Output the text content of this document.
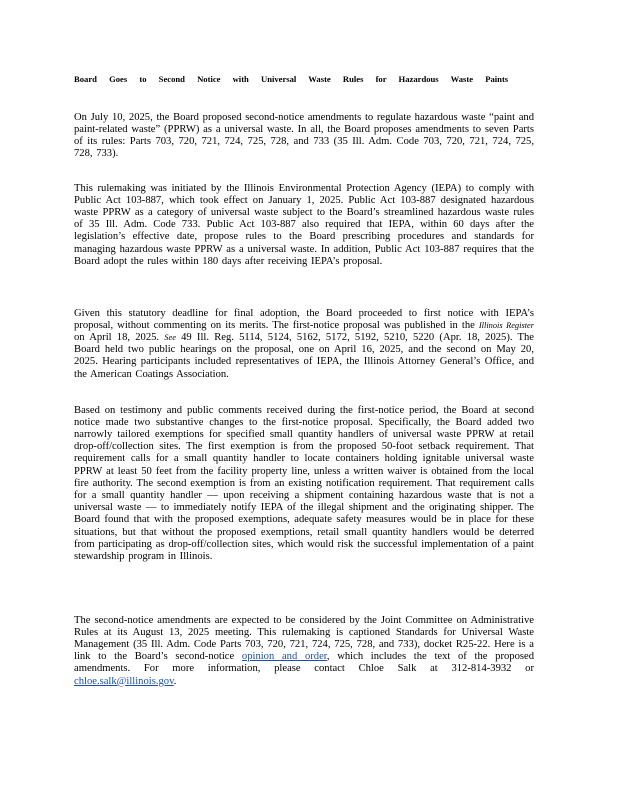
Board Goes to Second Notice with Universal Waste Rules for Hazardous Waste Paints

On July 10, 2025, the Board proposed second-notice amendments to regulate hazardous waste “paint and paint-related waste” (PPRW) as a universal waste. In all, the Board proposes amendments to seven Parts of its rules: Parts 703, 720, 721, 724, 725, 728, and 733 (35 Ill. Adm. Code 703, 720, 721, 724, 725, 728, 733).

This rulemaking was initiated by the Illinois Environmental Protection Agency (IEPA) to comply with Public Act 103-887, which took effect on January 1, 2025. Public Act 103-887 designated hazardous waste PPRW as a category of universal waste subject to the Board’s streamlined hazardous waste rules of 35 Ill. Adm. Code 733. Public Act 103-887 also required that IEPA, within 60 days after the legislation’s effective date, propose rules to the Board prescribing procedures and standards for managing hazardous waste PPRW as a universal waste. In addition, Public Act 103-887 requires that the Board adopt the rules within 180 days after receiving IEPA’s proposal.

Given this statutory deadline for final adoption, the Board proceeded to first notice with IEPA’s proposal, without commenting on its merits. The first-notice proposal was published in the Illinois Register on April 18, 2025. See 49 Ill. Reg. 5114, 5124, 5162, 5172, 5192, 5210, 5220 (Apr. 18, 2025). The Board held two public hearings on the proposal, one on April 16, 2025, and the second on May 20, 2025. Hearing participants included representatives of IEPA, the Illinois Attorney General’s Office, and the American Coatings Association.

Based on testimony and public comments received during the first-notice period, the Board at second notice made two substantive changes to the first-notice proposal. Specifically, the Board added two narrowly tailored exemptions for specified small quantity handlers of universal waste PPRW at retail drop-off/collection sites. The first exemption is from the proposed 50-foot setback requirement. That requirement calls for a small quantity handler to locate containers holding ignitable universal waste PPRW at least 50 feet from the facility property line, unless a written waiver is obtained from the local fire authority. The second exemption is from an existing notification requirement. That requirement calls for a small quantity handler — upon receiving a shipment containing hazardous waste that is not a universal waste — to immediately notify IEPA of the illegal shipment and the originating shipper. The Board found that with the proposed exemptions, adequate safety measures would be in place for these situations, but that without the proposed exemptions, retail small quantity handlers would be deterred from participating as drop-off/collection sites, which would risk the successful implementation of a paint stewardship program in Illinois.

The second-notice amendments are expected to be considered by the Joint Committee on Administrative Rules at its August 13, 2025 meeting. This rulemaking is captioned Standards for Universal Waste Management (35 Ill. Adm. Code Parts 703, 720, 721, 724, 725, 728, and 733), docket R25-22. Here is a link to the Board’s second-notice opinion and order, which includes the text of the proposed amendments. For more information, please contact Chloe Salk at 312-814-3932 or chloe.salk@illinois.gov.
